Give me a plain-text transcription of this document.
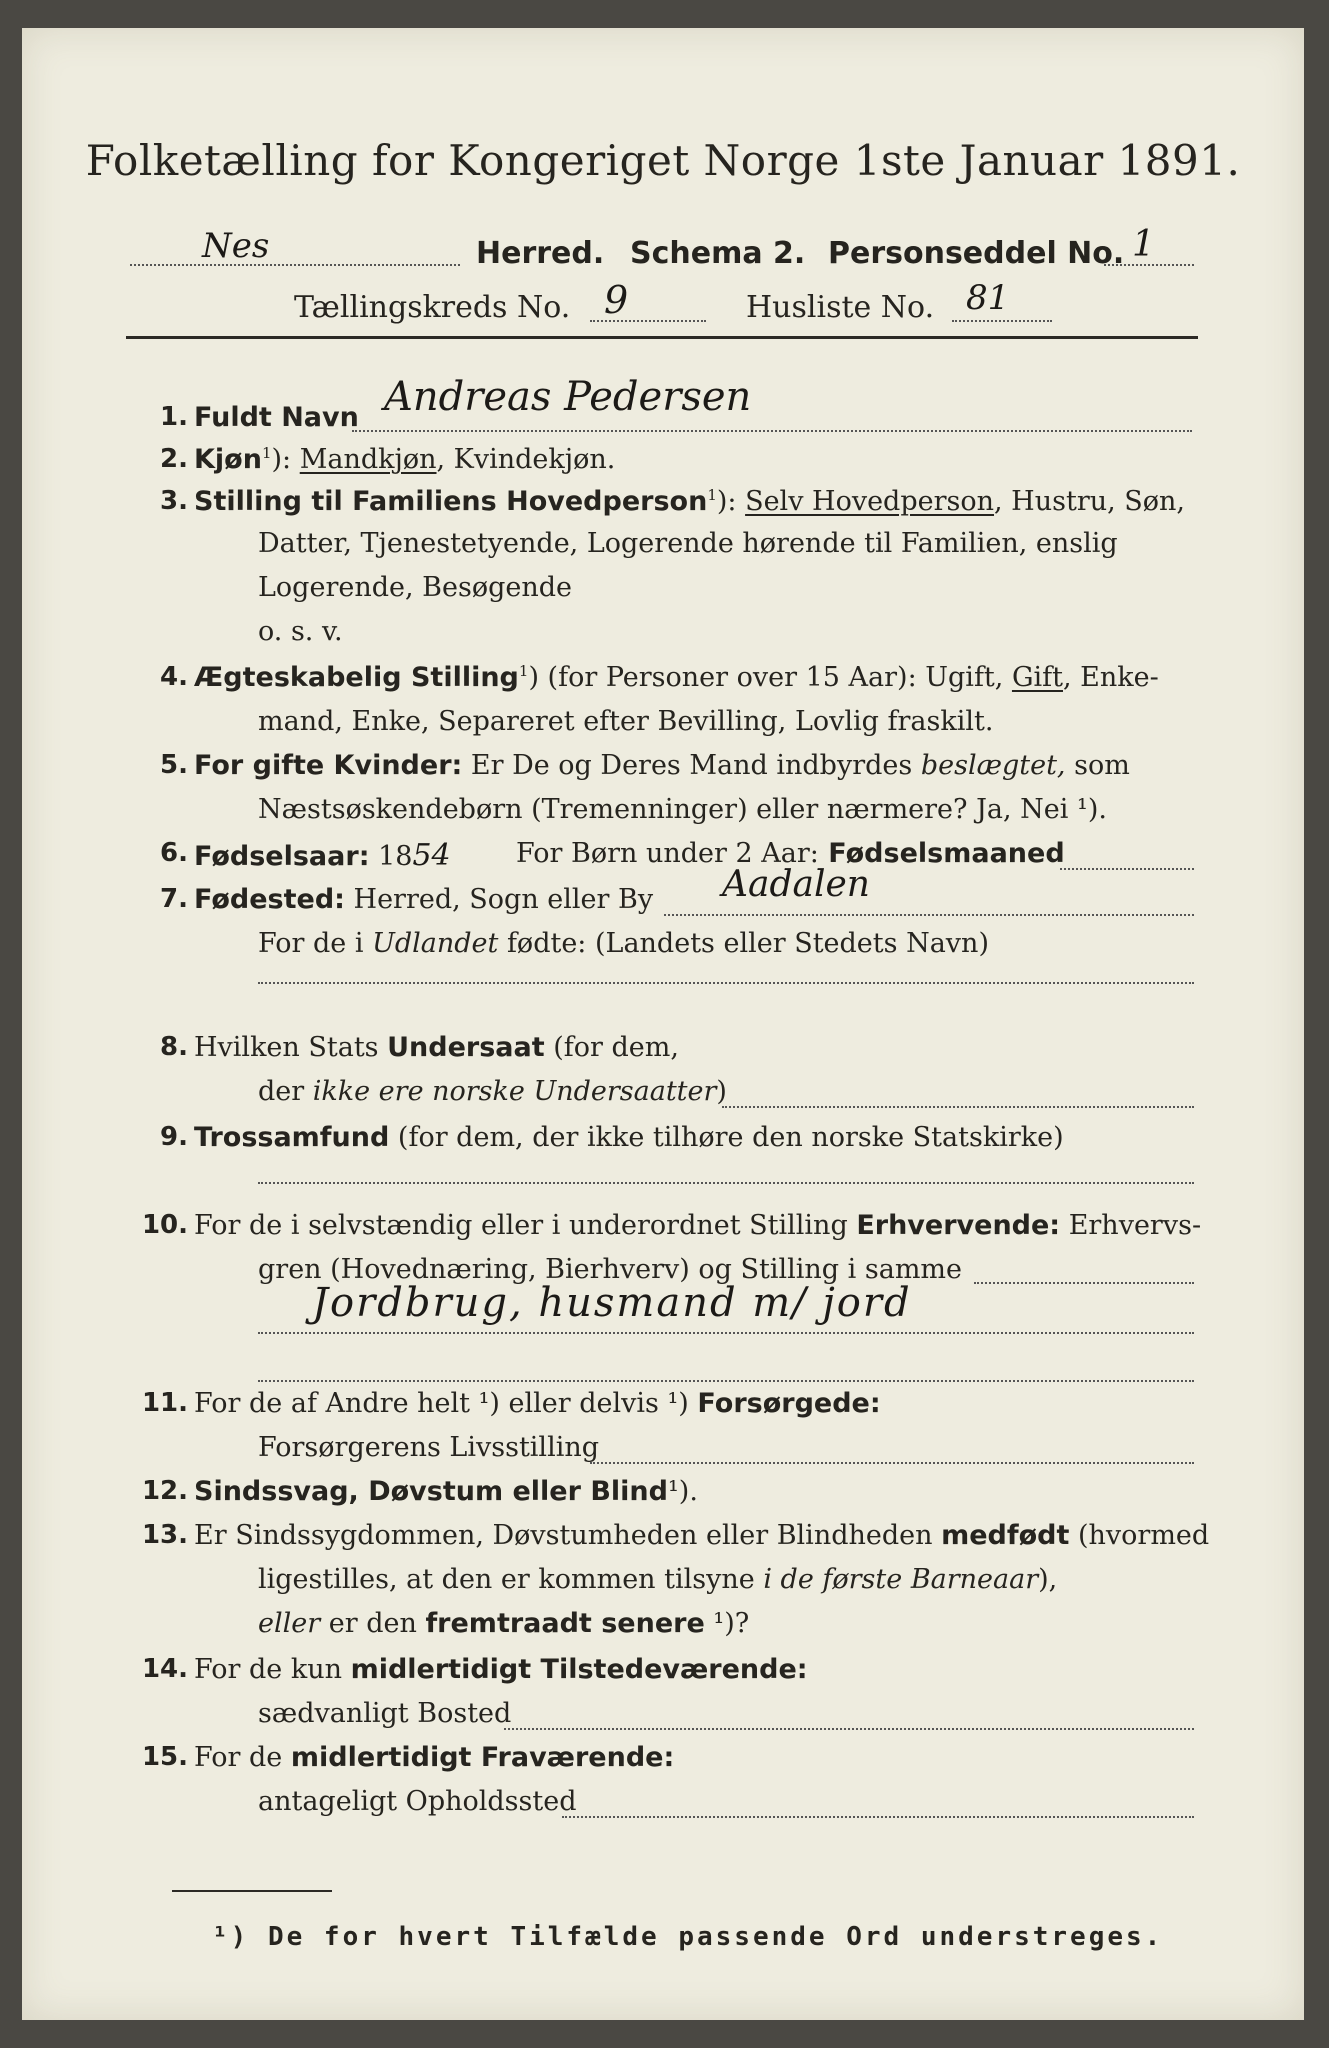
Folketælling for Kongeriget Norge 1ste Januar 1891.
Nes	Herred. Schema 2. Personseddel No. 1
Tællingskreds No. 9	Husliste No. 81
1. Fuldt Navn Andreas Pedersen
2. Kjøn$^1$): Mandkjøn, Kvindekjøn.
3. Stilling til Familiens Hovedperson$^1$): Selv Hovedperson, Hustru, Søn,
Datter, Tjenestetyende, Logerende hørende til Familien, enslig
Logerende, Besøgende
o. s. v.
4. Ægteskabelig Stilling$^1$) (for Personer over 15 Aar): Ugift, Gift, Enke-
mand, Enke, Separeret efter Bevilling, Lovlig fraskilt.
5. For gifte Kvinder: Er De og Deres Mand indbyrdes beslægtet, som
Næstsøskendebørn (Tremenninger) eller nærmere? Ja, Nei ¹).
6. Fødselsaar: 1854 For Børn under 2 Aar: Fødselsmaaned
7. Fødested: Herred, Sogn eller By Aadalen
For de i Udlandet fødte: (Landets eller Stedets Navn)
8. Hvilken Stats Undersaat (for dem,
der ikke ere norske Undersaatter)
9. Trossamfund (for dem, der ikke tilhøre den norske Statskirke)
10. For de i selvstændig eller i underordnet Stilling Erhvervende: Erhvervs-
gren (Hovednæring, Bierhverv) og Stilling i samme
Jordbrug, husmand m/ jord
11. For de af Andre helt ¹) eller delvis ¹) Forsørgede:
Forsørgerens Livsstilling
12. Sindssvag, Døvstum eller Blind¹).
13. Er Sindssygdommen, Døvstumheden eller Blindheden medfødt (hvormed
ligestilles, at den er kommen tilsyne i de første Barneaar),
eller er den fremtraadt senere ¹)?
14. For de kun midlertidigt Tilstedeværende:
sædvanligt Bosted
15. For de midlertidigt Fraværende:
antageligt Opholdssted
¹) De for hvert Tilfælde passende Ord understreges.
